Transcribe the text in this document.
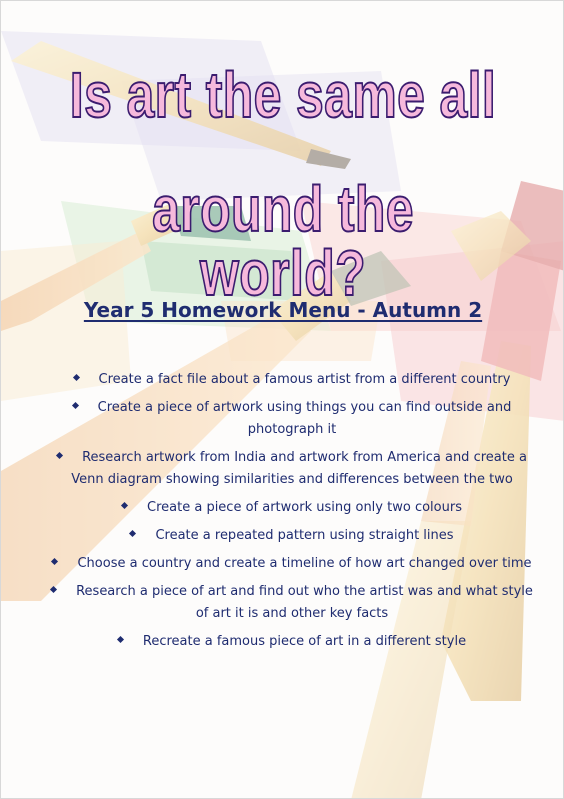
Is art the same all
around the world?
Year 5 Homework Menu - Autumn 2
Create a fact file about a famous artist from a different country
Create a piece of artwork using things you can find outside and photograph it
Research artwork from India and artwork from America and create a Venn diagram showing similarities and differences between the two
Create a piece of artwork using only two colours
Create a repeated pattern using straight lines
Choose a country and create a timeline of how art changed over time
Research a piece of art and find out who the artist was and what style of art it is and other key facts
Recreate a famous piece of art in a different style
